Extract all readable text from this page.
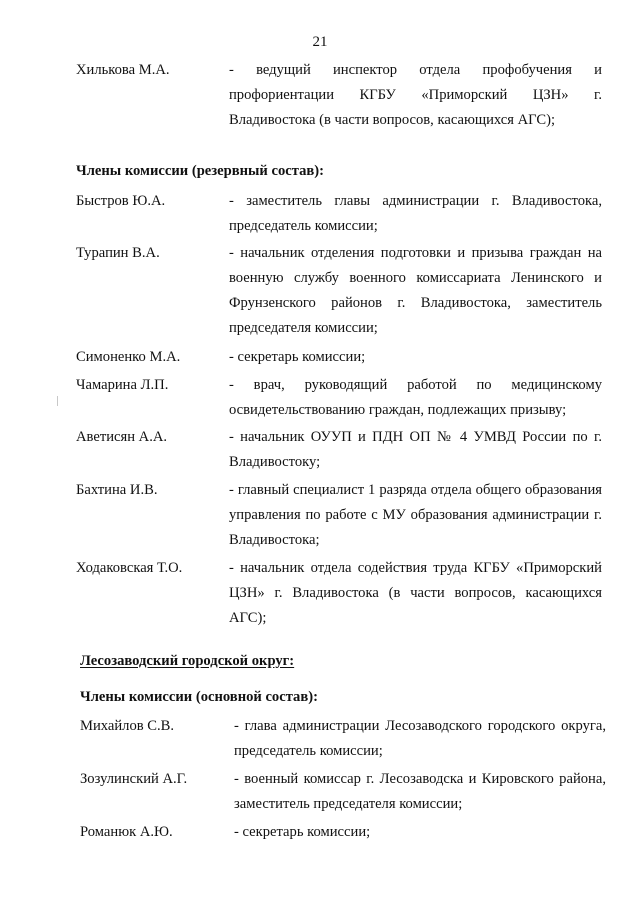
21
Хилькова М.А.	- ведущий инспектор отдела профобучения и профориентации КГБУ «Приморский ЦЗН» г. Владивостока (в части вопросов, касающихся АГС);
Члены комиссии (резервный состав):
Быстров Ю.А.	- заместитель главы администрации г. Владивостока, председатель комиссии;
Турапин В.А.	- начальник отделения подготовки и призыва граждан на военную службу военного комиссариата Ленинского и Фрунзенского районов г. Владивостока, заместитель председателя комиссии;
Симоненко М.А.	- секретарь комиссии;
Чамарина Л.П.	- врач, руководящий работой по медицинскому освидетельствованию граждан, подлежащих призыву;
Аветисян А.А.	- начальник ОУУП и ПДН ОП № 4 УМВД России по г. Владивостоку;
Бахтина И.В.	- главный специалист 1 разряда отдела общего образования управления по работе с МУ образования администрации г. Владивостока;
Ходаковская Т.О.	- начальник отдела содействия труда КГБУ «Приморский ЦЗН» г. Владивостока (в части вопросов, касающихся АГС);
Лесозаводский городской округ:
Члены комиссии (основной состав):
Михайлов С.В.	- глава администрации Лесозаводского городского округа, председатель комиссии;
Зозулинский А.Г.	- военный комиссар г. Лесозаводска и Кировского района, заместитель председателя комиссии;
Романюк А.Ю.	- секретарь комиссии;
